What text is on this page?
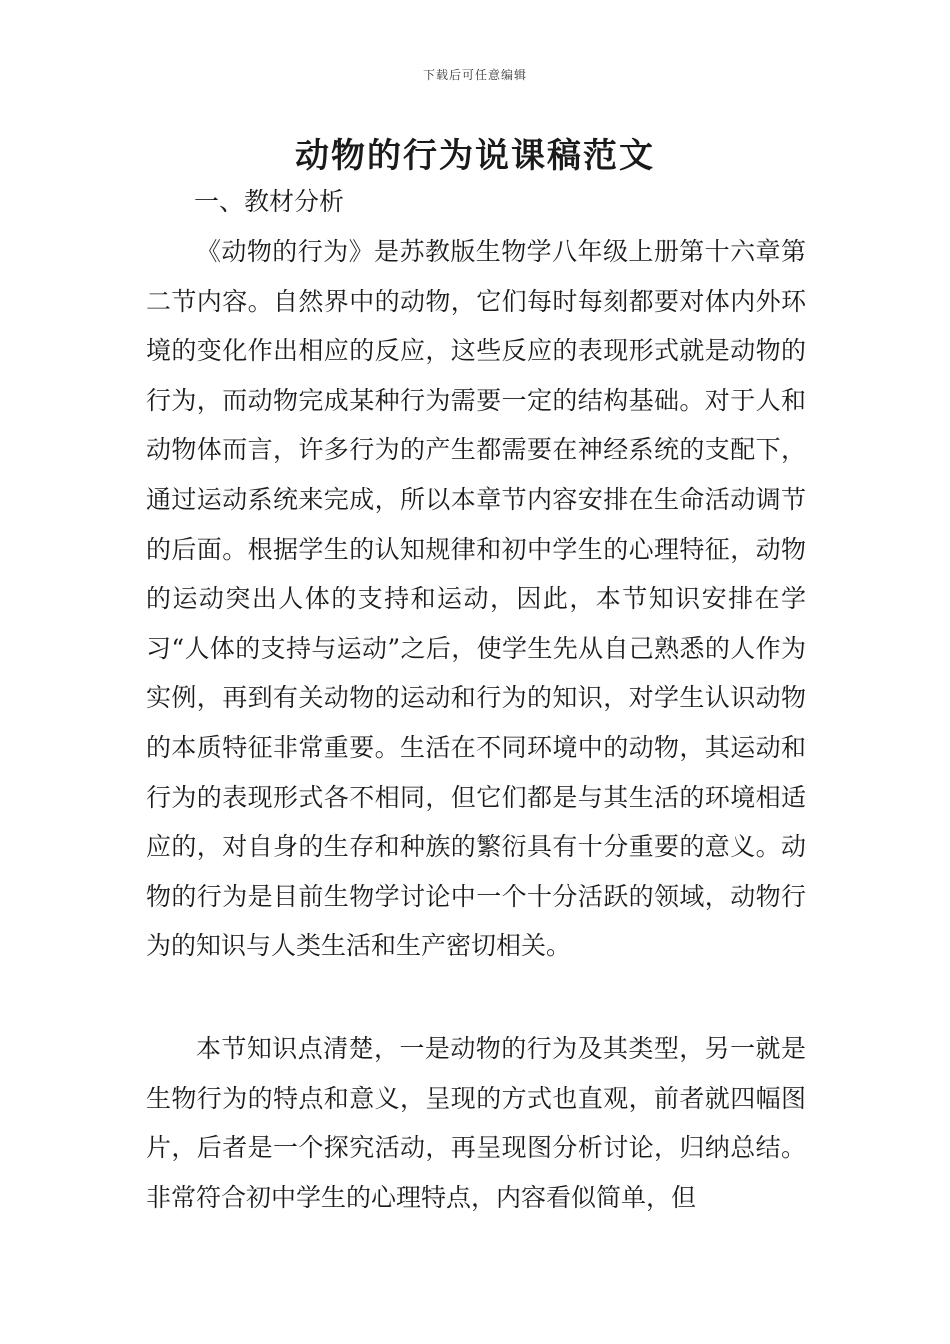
下载后可任意编辑
动物的行为说课稿范文
一、教材分析

《动物的行为》是苏教版生物学八年级上册第十六章第二节内容。自然界中的动物，它们每时每刻都要对体内外环境的变化作出相应的反应，这些反应的表现形式就是动物的行为，而动物完成某种行为需要一定的结构基础。对于人和动物体而言，许多行为的产生都需要在神经系统的支配下，通过运动系统来完成，所以本章节内容安排在生命活动调节的后面。根据学生的认知规律和初中学生的心理特征，动物的运动突出人体的支持和运动，因此，本节知识安排在学习“人体的支持与运动”之后，使学生先从自己熟悉的人作为实例，再到有关动物的运动和行为的知识，对学生认识动物的本质特征非常重要。生活在不同环境中的动物，其运动和行为的表现形式各不相同，但它们都是与其生活的环境相适应的，对自身的生存和种族的繁衍具有十分重要的意义。动物的行为是目前生物学讨论中一个十分活跃的领域，动物行为的知识与人类生活和生产密切相关。

本节知识点清楚，一是动物的行为及其类型，另一就是生物行为的特点和意义，呈现的方式也直观，前者就四幅图片，后者是一个探究活动，再呈现图分析讨论，归纳总结。非常符合初中学生的心理特点，内容看似简单，但
